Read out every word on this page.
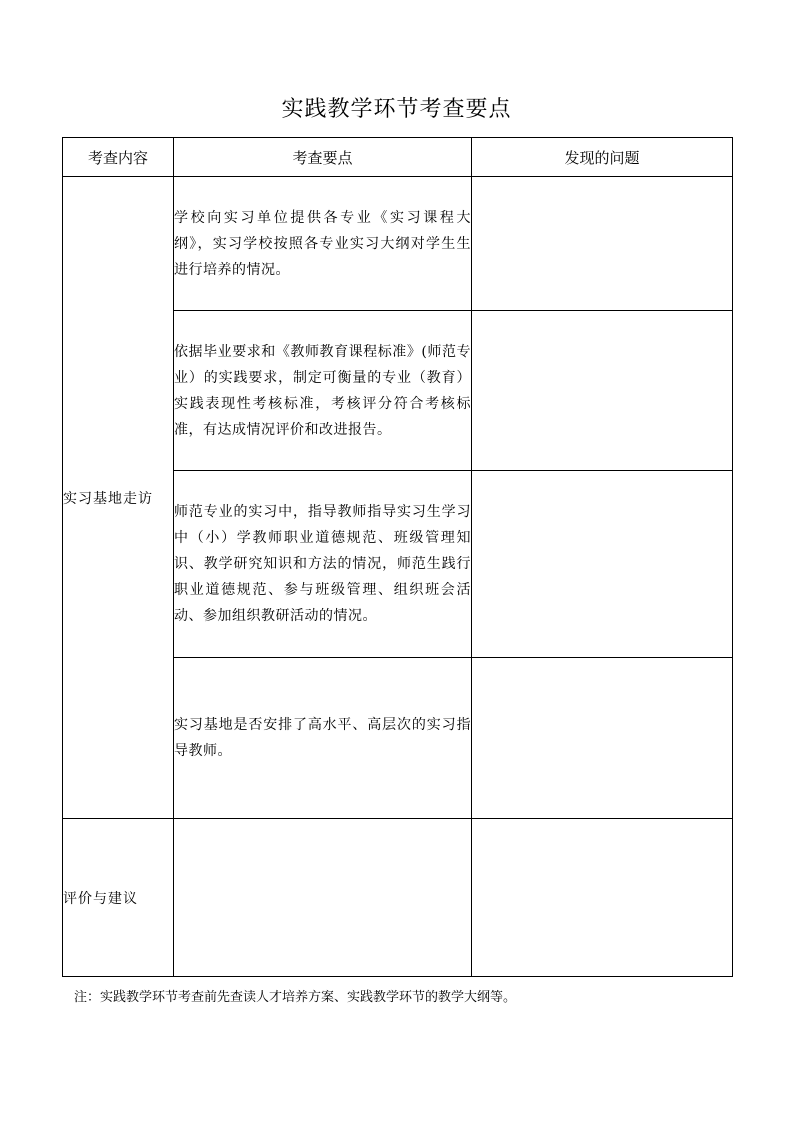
实践教学环节考查要点
考查内容	考查要点	发现的问题
实习基地走访	学校向实习单位提供各专业《实习课程大纲》，实习学校按照各专业实习大纲对学生生进行培养的情况。	
	依据毕业要求和《教师教育课程标准》(师范专业）的实践要求，制定可衡量的专业（教育）实践表现性考核标准，考核评分符合考核标准，有达成情况评价和改进报告。	
	师范专业的实习中，指导教师指导实习生学习中（小）学教师职业道德规范、班级管理知识、教学研究知识和方法的情况，师范生践行职业道德规范、参与班级管理、组织班会活动、参加组织教研活动的情况。	
	实习基地是否安排了高水平、高层次的实习指导教师。	
评价与建议		
注：实践教学环节考查前先查读人才培养方案、实践教学环节的教学大纲等。
